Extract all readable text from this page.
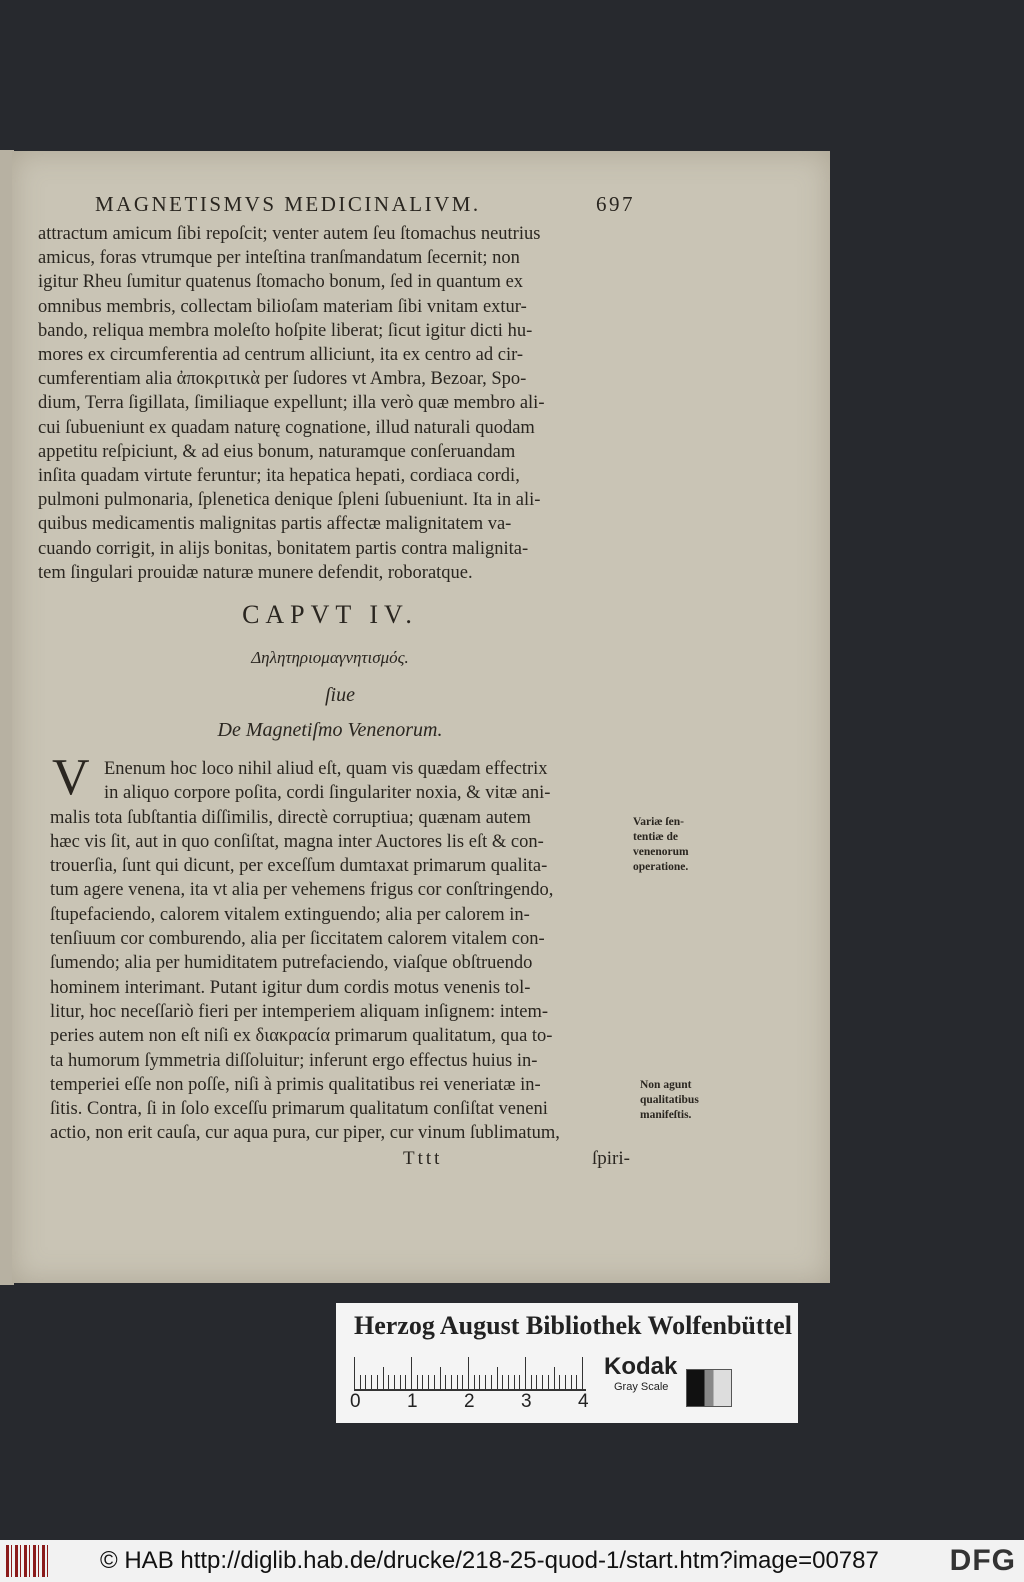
MAGNETISMVS MEDICINALIVM.	697
attractum amicum ſibi repoſcit; venter autem ſeu ſtomachus neutrius
amicus, foras vtrumque per inteſtina tranſmandatum ſecernit; non
igitur Rheu ſumitur quatenus ſtomacho bonum, ſed in quantum ex
omnibus membris, collectam bilioſam materiam ſibi vnitam extur-
bando, reliqua membra moleſto hoſpite liberat; ſicut igitur dicti hu-
mores ex circumferentia ad centrum alliciunt, ita ex centro ad cir-
cumferentiam alia ἀποκριτικὰ per ſudores vt Ambra, Bezoar, Spo-
dium, Terra ſigillata, ſimiliaque expellunt; illa verò quæ membro ali-
cui ſubueniunt ex quadam naturę cognatione, illud naturali quodam
appetitu reſpiciunt, & ad eius bonum, naturamque conſeruandam
inſita quadam virtute feruntur; ita hepatica hepati, cordiaca cordi,
pulmoni pulmonaria, ſplenetica denique ſpleni ſubueniunt. Ita in ali-
quibus medicamentis malignitas partis affectæ malignitatem va-
cuando corrigit, in alijs bonitas, bonitatem partis contra malignita-
tem ſingulari prouidæ naturæ munere defendit, roboratque.
CAPVT IV.
Δηλητηριομαγνητισμός.
ſiue
De Magnetiſmo Venenorum.
V Enenum hoc loco nihil aliud eſt, quam vis quædam effectrix
in aliquo corpore poſita, cordi ſingulariter noxia, & vitæ ani-
malis tota ſubſtantia diſſimilis, directè corruptiua; quænam autem
hæc vis ſit, aut in quo conſiſtat, magna inter Auctores lis eſt & con-
trouerſia, ſunt qui dicunt, per exceſſum dumtaxat primarum qualita-
tum agere venena, ita vt alia per vehemens frigus cor conſtringendo,
ſtupefaciendo, calorem vitalem extinguendo; alia per calorem in-
tenſiuum cor comburendo, alia per ſiccitatem calorem vitalem con-
ſumendo; alia per humiditatem putrefaciendo, viaſque obſtruendo
hominem interimant. Putant igitur dum cordis motus venenis tol-
litur, hoc neceſſariò fieri per intemperiem aliquam inſignem: intem-
peries autem non eſt niſi ex διακραϲία primarum qualitatum, qua to-
ta humorum ſymmetria diſſoluitur; inferunt ergo effectus huius in-
temperiei eſſe non poſſe, niſi à primis qualitatibus rei veneriatæ in-
ſitis. Contra, ſi in ſolo exceſſu primarum qualitatum conſiſtat veneni
actio, non erit cauſa, cur aqua pura, cur piper, cur vinum ſublimatum,
Variæ ſen-
tentiæ de
venenorum
operatione.
Non agunt
qualitatibus
manifeſtis.
Tttt	ſpiri-
Herzog August Bibliothek Wolfenbüttel
0 1 2 3 4
Kodak
Gray Scale
© HAB http://diglib.hab.de/drucke/218-25-quod-1/start.htm?image=00787 DFG
